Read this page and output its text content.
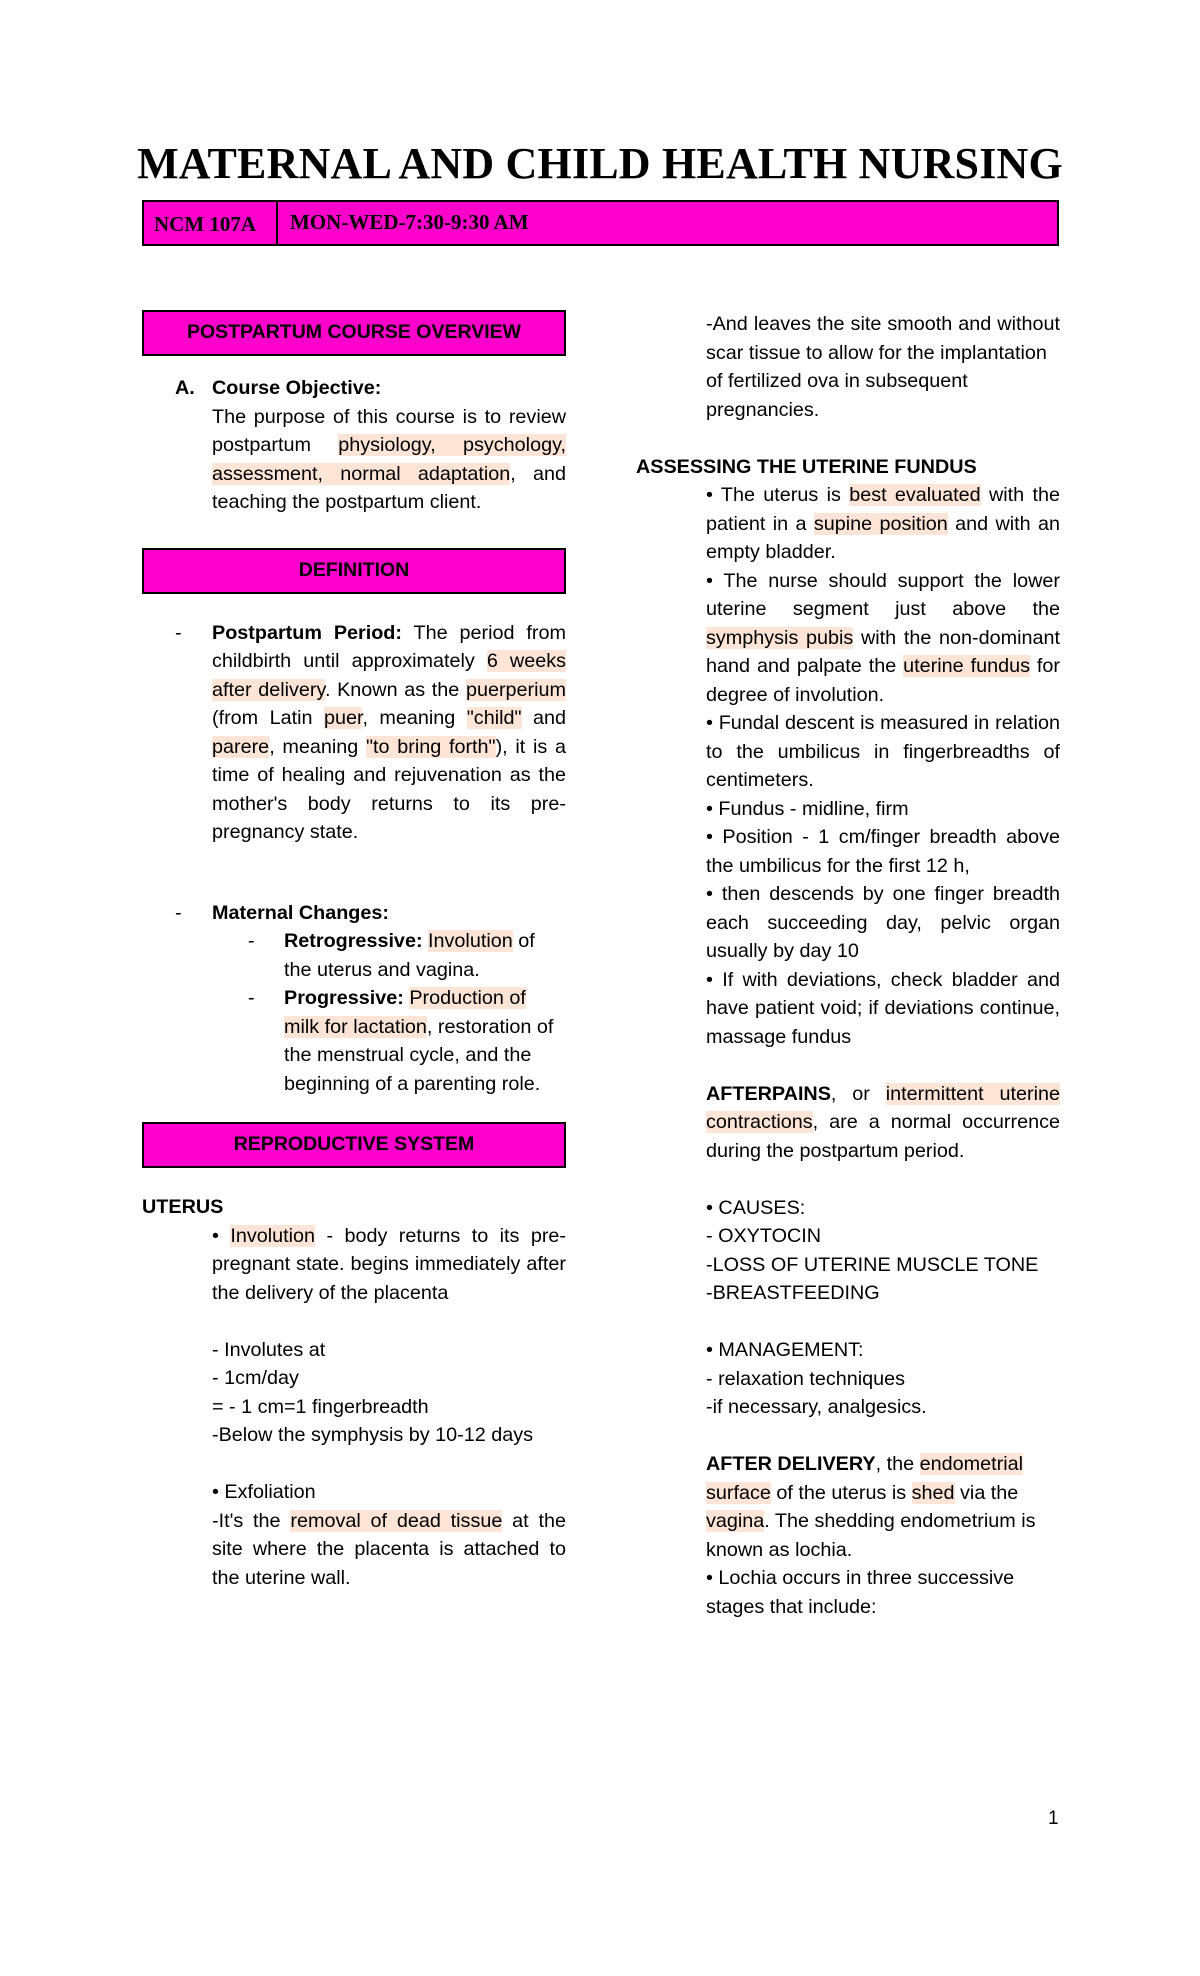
MATERNAL AND CHILD HEALTH NURSING
NCM 107A	MON-WED-7:30-9:30 AM
POSTPARTUM COURSE OVERVIEW
A. Course Objective:

The purpose of this course is to review postpartum physiology, psychology, assessment, normal adaptation, and teaching the postpartum client.

DEFINITION
- Postpartum Period: The period from childbirth until approximately 6 weeks after delivery. Known as the puerperium (from Latin puer, meaning "child" and parere, meaning "to bring forth"), it is a time of healing and rejuvenation as the mother's body returns to its pre-pregnancy state.

- Maternal Changes:

- Retrogressive: Involution of the uterus and vagina.

- Progressive: Production of milk for lactation, restoration of the menstrual cycle, and the beginning of a parenting role.

REPRODUCTIVE SYSTEM

UTERUS

• Involution - body returns to its pre-pregnant state. begins immediately after the delivery of the placenta

- Involutes at

- 1cm/day

= - 1 cm=1 fingerbreadth

-Below the symphysis by 10-12 days

• Exfoliation

-It's the removal of dead tissue at the site where the placenta is attached to the uterine wall.

-And leaves the site smooth and without scar tissue to allow for the implantation

of fertilized ova in subsequent pregnancies.

ASSESSING THE UTERINE FUNDUS

• The uterus is best evaluated with the patient in a supine position and with an empty bladder.

• The nurse should support the lower uterine segment just above the symphysis pubis with the non-dominant hand and palpate the uterine fundus for degree of involution.

• Fundal descent is measured in relation to the umbilicus in fingerbreadths of centimeters.

• Fundus - midline, firm

• Position - 1 cm/finger breadth above the umbilicus for the first 12 h,

• then descends by one finger breadth each succeeding day, pelvic organ usually by day 10

• If with deviations, check bladder and have patient void; if deviations continue, massage fundus

AFTERPAINS, or intermittent uterine contractions, are a normal occurrence during the postpartum period.

• CAUSES:

- OXYTOCIN

-LOSS OF UTERINE MUSCLE TONE

-BREASTFEEDING

• MANAGEMENT:

- relaxation techniques

-if necessary, analgesics.

AFTER DELIVERY, the endometrial surface of the uterus is shed via the vagina. The shedding endometrium is known as lochia.

• Lochia occurs in three successive stages that include:

1
